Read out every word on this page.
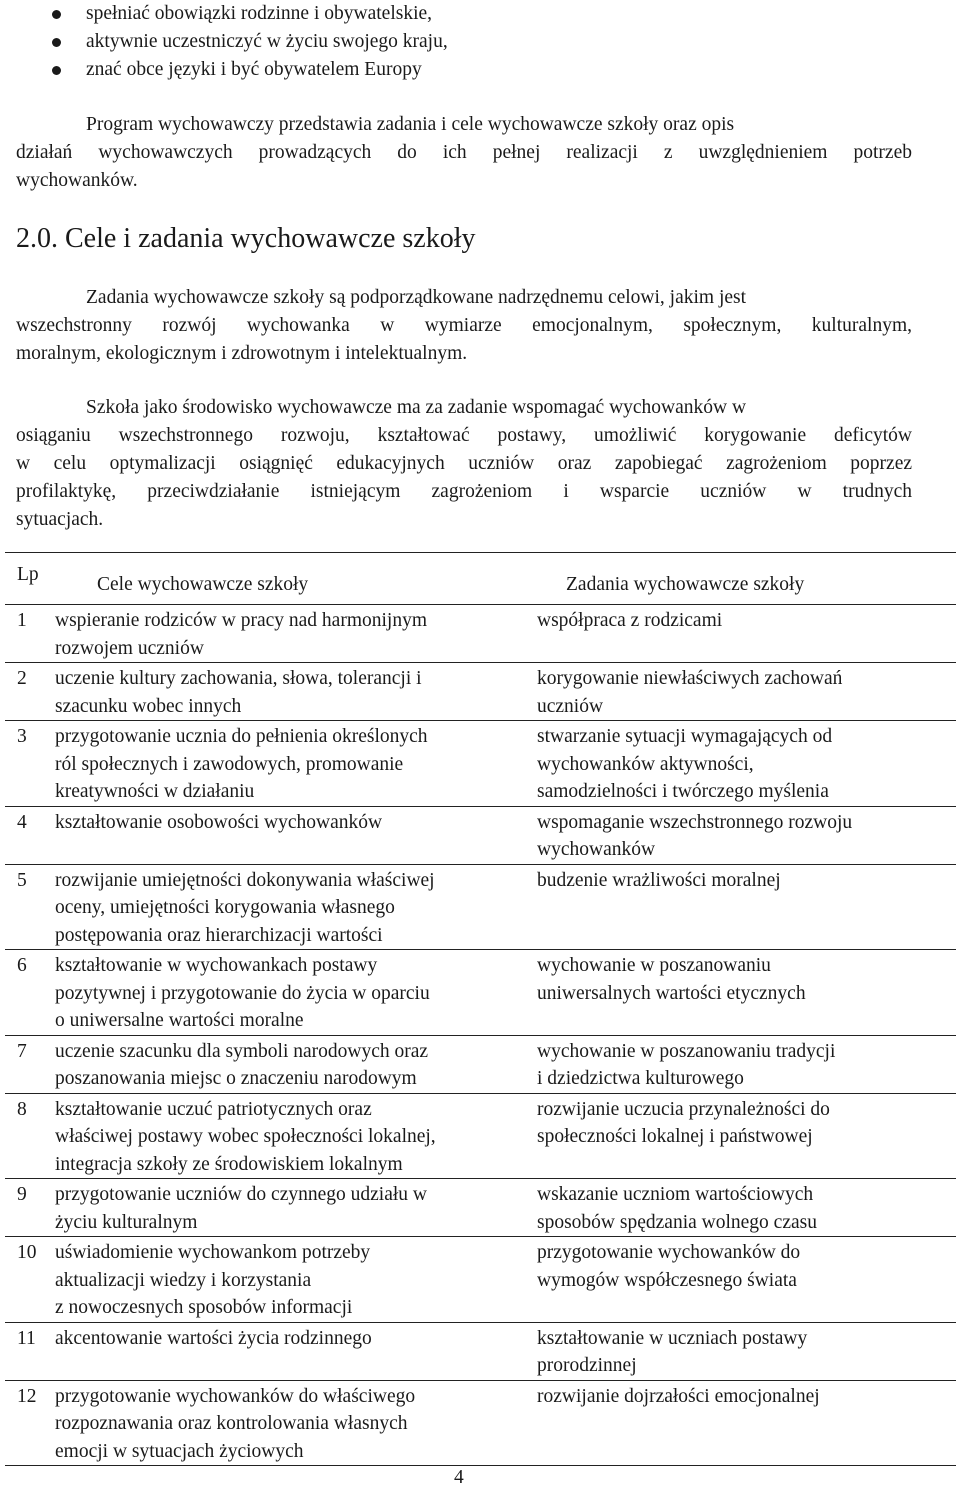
spełniać obowiązki rodzinne i obywatelskie,
aktywnie uczestniczyć w życiu swojego kraju,
znać obce języki i być obywatelem Europy

Program wychowawczy przedstawia zadania i cele wychowawcze szkoły oraz opis
działań wychowawczych prowadzących do ich pełnej realizacji z uwzględnieniem potrzeb
wychowanków.

2.0. Cele i zadania wychowawcze szkoły

Zadania wychowawcze szkoły są podporządkowane nadrzędnemu celowi, jakim jest
wszechstronny rozwój wychowanka w wymiarze emocjonalnym, społecznym, kulturalnym,
moralnym, ekologicznym i zdrowotnym i intelektualnym.

Szkoła jako środowisko wychowawcze ma za zadanie wspomagać wychowanków w
osiąganiu wszechstronnego rozwoju, kształtować postawy, umożliwić korygowanie deficytów
w celu optymalizacji osiągnięć edukacyjnych uczniów oraz zapobiegać zagrożeniom poprzez
profilaktykę, przeciwdziałanie istniejącym zagrożeniom i wsparcie uczniów w trudnych
sytuacjach.

Lp	Cele wychowawcze szkoły	Zadania wychowawcze szkoły
1	wspieranie rodziców w pracy nad harmonijnym
rozwojem uczniów	współpraca z rodzicami

2	uczenie kultury zachowania, słowa, tolerancji i
szacunku wobec innych	korygowanie niewłaściwych zachowań
uczniów

3	przygotowanie ucznia do pełnienia określonych
ról społecznych i zawodowych, promowanie
kreatywności w działaniu	stwarzanie sytuacji wymagających od
wychowanków aktywności,
samodzielności i twórczego myślenia

4	kształtowanie osobowości wychowanków	wspomaganie wszechstronnego rozwoju
wychowanków

5	rozwijanie umiejętności dokonywania właściwej
oceny, umiejętności korygowania własnego
postępowania oraz hierarchizacji wartości	budzenie wrażliwości moralnej

6	kształtowanie w wychowankach postawy
pozytywnej i przygotowanie do życia w oparciu
o uniwersalne wartości moralne	wychowanie w poszanowaniu
uniwersalnych wartości etycznych

7	uczenie szacunku dla symboli narodowych oraz
poszanowania miejsc o znaczeniu narodowym	wychowanie w poszanowaniu tradycji
i dziedzictwa kulturowego

8	kształtowanie uczuć patriotycznych oraz
właściwej postawy wobec społeczności lokalnej,
integracja szkoły ze środowiskiem lokalnym	rozwijanie uczucia przynależności do
społeczności lokalnej i państwowej

9	przygotowanie uczniów do czynnego udziału w
życiu kulturalnym	wskazanie uczniom wartościowych
sposobów spędzania wolnego czasu

10	uświadomienie wychowankom potrzeby
aktualizacji wiedzy i korzystania
z nowoczesnych sposobów informacji	przygotowanie wychowanków do
wymogów współczesnego świata

11	akcentowanie wartości życia rodzinnego	kształtowanie w uczniach postawy
prorodzinnej

12	przygotowanie wychowanków do właściwego
rozpoznawania oraz kontrolowania własnych
emocji w sytuacjach życiowych	rozwijanie dojrzałości emocjonalnej
4
